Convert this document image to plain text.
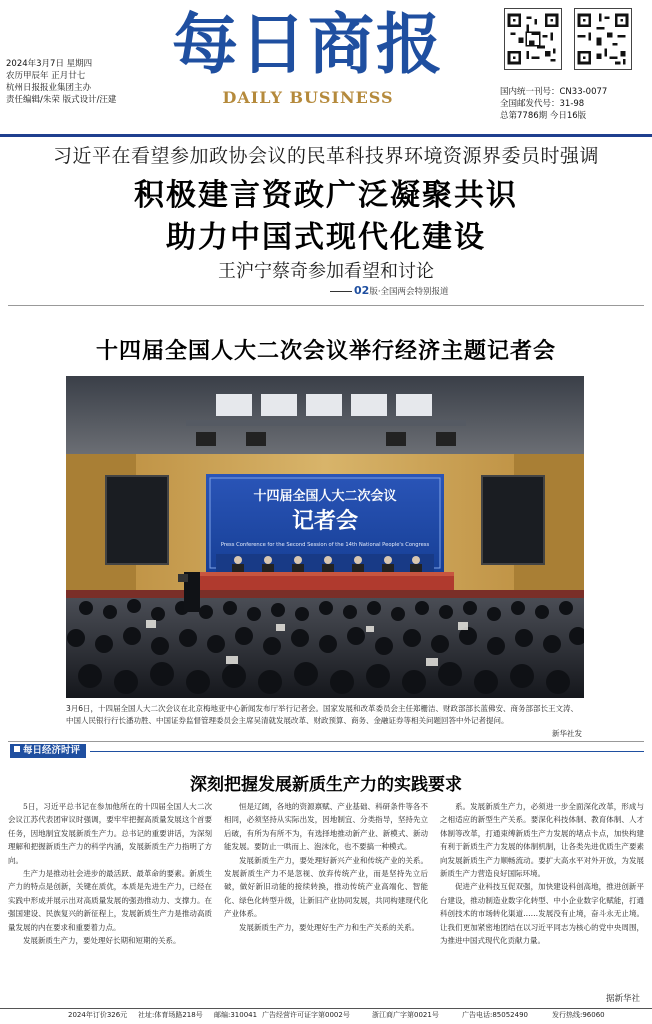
2024年3月7日 星期四
农历甲辰年 正月廿七
杭州日报报业集团主办
责任编辑/朱荣 版式设计/汪建
每日商报
DAILY BUSINESS	国内统一刊号：CN33-0077
全国邮发代号：31-98
总第7786期 今日16版
习近平在看望参加政协会议的民革科技界环境资源界委员时强调
积极建言资政广泛凝聚共识
助力中国式现代化建设
王沪宁蔡奇参加看望和讨论
02版·全国两会特别报道
十四届全国人大二次会议举行经济主题记者会
十四届全国人大二次会议
记者会
Press Conference for the Second Session of the 14th National People's Congress
3月6日，十四届全国人大二次会议在北京梅地亚中心新闻发布厅举行记者会。国家发展和改革委员会主任郑栅洁、财政部部长蓝佛安、商务部部长王文涛、中国人民银行行长潘功胜、中国证券监督管理委员会主席吴清就发展改革、财政预算、商务、金融证券等相关问题回答中外记者提问。
新华社发
每日经济时评
深刻把握发展新质生产力的实践要求

5日，习近平总书记在参加他所在的十四届全国人大二次会议江苏代表团审议时强调，要牢牢把握高质量发展这个首要任务，因地制宜发展新质生产力。总书记的重要讲话，为深刻理解和把握新质生产力的科学内涵，发展新质生产力指明了方向。

生产力是推动社会进步的最活跃、最革命的要素。新质生产力的特点是创新，关键在质优，本质是先进生产力，已经在实践中形成并展示出对高质量发展的强劲推动力、支撑力。在强国建设、民族复兴的新征程上，发展新质生产力是推动高质量发展的内在要求和重要着力点。

发展新质生产力，要处理好长期和短期的关系。

恒是辽阔，各地的资源禀赋、产业基础、科研条件等各不相同，必须坚持从实际出发，因地制宜、分类指导，坚持先立后破，有所为有所不为，有选择地推动新产业、新模式、新动能发展。要防止一哄而上、泡沫化，也不要搞一种模式。

发展新质生产力，要处理好新兴产业和传统产业的关系。发展新质生产力不是忽视、放弃传统产业，而是坚持先立后破，做好新旧动能的接续转换，推动传统产业高端化、智能化、绿色化转型升级，让新旧产业协同发展，共同构建现代化产业体系。

发展新质生产力，要处理好生产力和生产关系的关系。

系。发展新质生产力，必须进一步全面深化改革，形成与之相适应的新型生产关系。要深化科技体制、教育体制、人才体制等改革，打通束缚新质生产力发展的堵点卡点，加快构建有利于新质生产力发展的体制机制，让各类先进优质生产要素向发展新质生产力顺畅流动。要扩大高水平对外开放，为发展新质生产力营造良好国际环境。

促进产业科技互促双强，加快建设科创高地，推进创新平台建设，推动制造业数字化转型、中小企业数字化赋能，打通科创技术的市场转化渠道……发展没有止境，奋斗永无止境。让我们更加紧密地团结在以习近平同志为核心的党中央周围，为推进中国式现代化贡献力量。

据新华社
2024年订价326元 社址:体育场路218号 邮编:310041 广告经营许可证字第0002号	浙江商广字第0021号	广告电话:85052490	发行热线:96060
